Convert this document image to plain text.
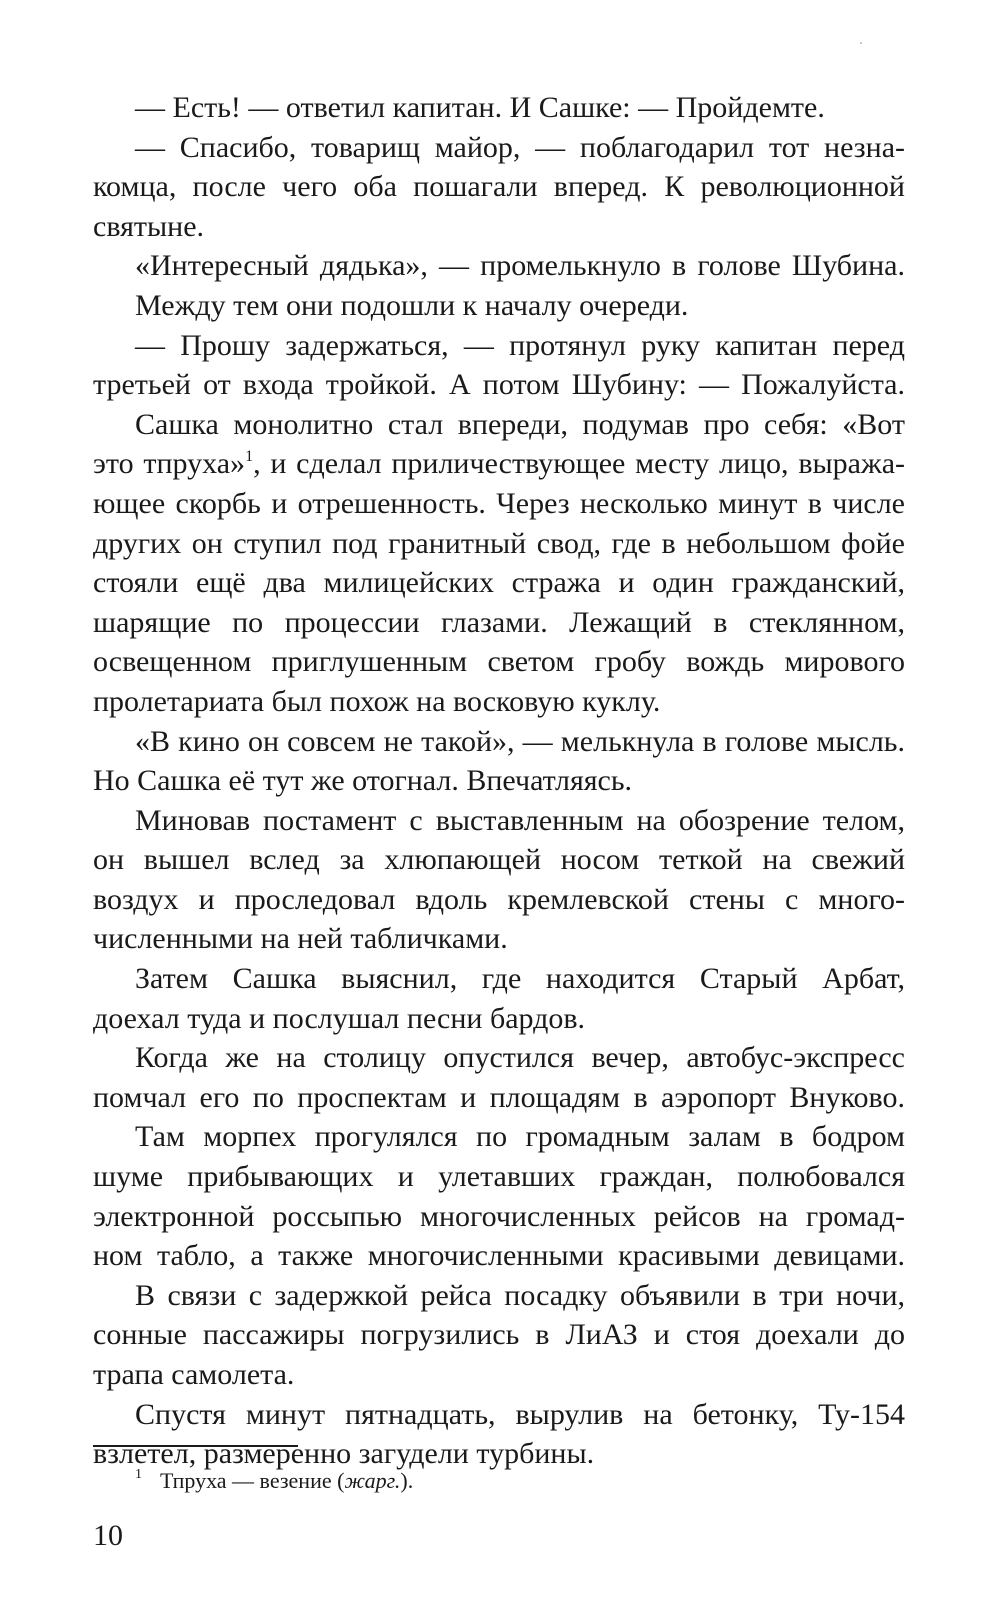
— Есть! — ответил капитан. И Сашке: — Пройдемте.
— Спасибо, товарищ майор, — поблагодарил тот незна-
комца, после чего оба пошагали вперед. К революционной
святыне.
«Интересный дядька», — промелькнуло в голове Шубина.
Между тем они подошли к началу очереди.
— Прошу задержаться, — протянул руку капитан перед
третьей от входа тройкой. А потом Шубину: — Пожалуйста.
Сашка монолитно стал впереди, подумав про себя: «Вот
это тпруха»$^1$, и сделал приличествующее месту лицо, выража-
ющее скорбь и отрешенность. Через несколько минут в числе
других он ступил под гранитный свод, где в небольшом фойе
стояли ещё два милицейских стража и один гражданский,
шарящие по процессии глазами. Лежащий в стеклянном,
освещенном приглушенным светом гробу вождь мирового
пролетариата был похож на восковую куклу.
«В кино он совсем не такой», — мелькнула в голове мысль.
Но Сашка её тут же отогнал. Впечатляясь.
Миновав постамент с выставленным на обозрение телом,
он вышел вслед за хлюпающей носом теткой на свежий
воздух и проследовал вдоль кремлевской стены с много-
численными на ней табличками.
Затем Сашка выяснил, где находится Старый Арбат,
доехал туда и послушал песни бардов.
Когда же на столицу опустился вечер, автобус-экспресс
помчал его по проспектам и площадям в аэропорт Внуково.
Там морпех прогулялся по громадным залам в бодром
шуме прибывающих и улетавших граждан, полюбовался
электронной россыпью многочисленных рейсов на громад-
ном табло, а также многочисленными красивыми девицами.
В связи с задержкой рейса посадку объявили в три ночи,
сонные пассажиры погрузились в ЛиАЗ и стоя доехали до
трапа самолета.
Спустя минут пятнадцать, вырулив на бетонку, Ту-154
взлетел, размеренно загудели турбины.
$^1$ Тпруха — везение (жарг.).
10
